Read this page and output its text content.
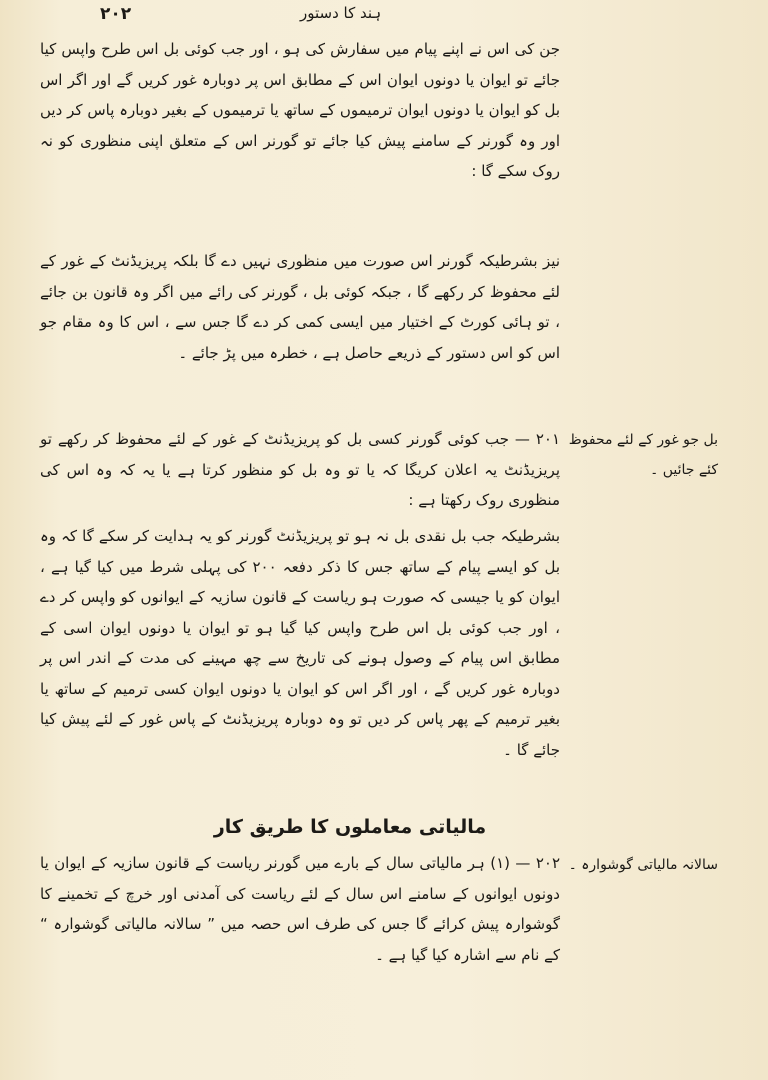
۲۰۲	ہند کا دستور
جن کی اس نے اپنے پیام میں سفارش کی ہو ، اور جب کوئی بل اس طرح واپس کیا جائے تو ایوان یا دونوں ایوان اس کے مطابق اس پر دوبارہ غور کریں گے اور اگر اس بل کو ایوان یا دونوں ایوان ترمیموں کے ساتھ یا ترمیموں کے بغیر دوبارہ پاس کر دیں اور وہ گورنر کے سامنے پیش کیا جائے تو گورنر اس کے متعلق اپنی منظوری کو نہ روک سکے گا :
نیز بشرطیکہ گورنر اس صورت میں منظوری نہیں دے گا بلکہ پریزیڈنٹ کے غور کے لئے محفوظ کر رکھے گا ، جبکہ کوئی بل ، گورنر کی رائے میں اگر وہ قانون بن جائے ، تو ہائی کورٹ کے اختیار میں ایسی کمی کر دے گا جس سے ، اس کا وہ مقام جو اس کو اس دستور کے ذریعے حاصل ہے ، خطرہ میں پڑ جائے ۔
۲۰۱ — جب کوئی گورنر کسی بل کو پریزیڈنٹ کے غور کے لئے محفوظ کر رکھے تو پریزیڈنٹ یہ اعلان کریگا کہ یا تو وہ بل کو منظور کرتا ہے یا یہ کہ وہ اس کی منظوری روک رکھتا ہے :
بشرطیکہ جب بل نقدی بل نہ ہو تو پریزیڈنٹ گورنر کو یہ ہدایت کر سکے گا کہ وہ بل کو ایسے پیام کے ساتھ جس کا ذکر دفعہ ۲۰۰ کی پہلی شرط میں کیا گیا ہے ، ایوان کو یا جیسی کہ صورت ہو ریاست کے قانون سازیہ کے ایوانوں کو واپس کر دے ، اور جب کوئی بل اس طرح واپس کیا گیا ہو تو ایوان یا دونوں ایوان اسی کے مطابق اس پیام کے وصول ہونے کی تاریخ سے چھ مہینے کی مدت کے اندر اس پر دوبارہ غور کریں گے ، اور اگر اس کو ایوان یا دونوں ایوان کسی ترمیم کے ساتھ یا بغیر ترمیم کے پھر پاس کر دیں تو وہ دوبارہ پریزیڈنٹ کے پاس غور کے لئے پیش کیا جائے گا ۔
مالیاتی معاملوں کا طریق کار
۲۰۲ — (۱) ہر مالیاتی سال کے بارے میں گورنر ریاست کے قانون سازیہ کے ایوان یا دونوں ایوانوں کے سامنے اس سال کے لئے ریاست کی آمدنی اور خرچ کے تخمینے کا گوشوارہ پیش کرائے گا جس کی طرف اس حصہ میں ” سالانہ مالیاتی گوشوارہ “ کے نام سے اشارہ کیا گیا ہے ۔
بل جو غور کے لئے محفوظ کئے جائیں ۔
سالانہ مالیاتی گوشوارہ ۔
